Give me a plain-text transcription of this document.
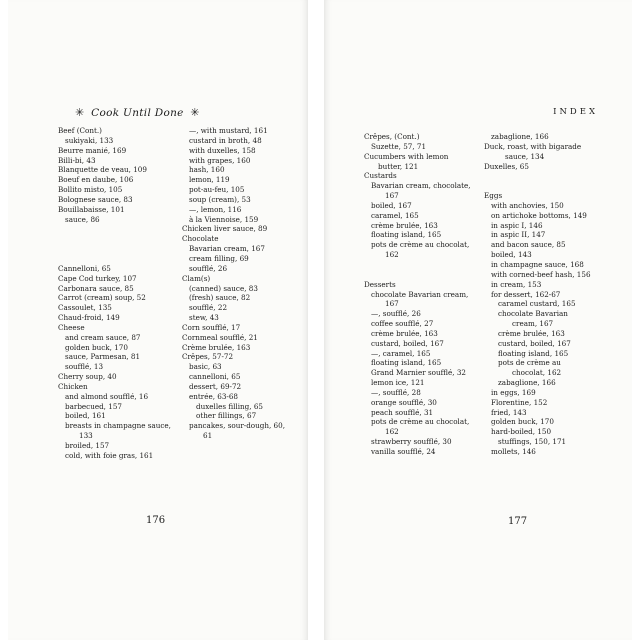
✳ Cook Until Done ✳
Beef (Cont.)
sukiyaki, 133
Beurre manié, 169
Billi-bi, 43
Blanquette de veau, 109
Boeuf en daube, 106
Bollito misto, 105
Bolognese sauce, 83
Bouillabaisse, 101
sauce, 86
Cannelloni, 65
Cape Cod turkey, 107
Carbonara sauce, 85
Carrot (cream) soup, 52
Cassoulet, 135
Chaud-froid, 149
Cheese
and cream sauce, 87
golden buck, 170
sauce, Parmesan, 81
soufflé, 13
Cherry soup, 40
Chicken
and almond soufflé, 16
barbecued, 157
boiled, 161
breasts in champagne sauce,
133
broiled, 157
cold, with foie gras, 161
—, with mustard, 161
custard in broth, 48
with duxelles, 158
with grapes, 160
hash, 160
lemon, 119
pot-au-feu, 105
soup (cream), 53
—, lemon, 116
à la Viennoise, 159
Chicken liver sauce, 89
Chocolate
Bavarian cream, 167
cream filling, 69
soufflé, 26
Clam(s)
(canned) sauce, 83
(fresh) sauce, 82
soufflé, 22
stew, 43
Corn soufflé, 17
Cornmeal soufflé, 21
Crème brulée, 163
Crêpes, 57-72
basic, 63
cannelloni, 65
dessert, 69-72
entrée, 63-68
duxelles filling, 65
other fillings, 67
pancakes, sour-dough, 60,
61
176
INDEX
Crêpes, (Cont.)
Suzette, 57, 71
Cucumbers with lemon
butter, 121
Custards
Bavarian cream, chocolate,
167
boiled, 167
caramel, 165
crème brulée, 163
floating island, 165
pots de crème au chocolat,
162
Desserts
chocolate Bavarian cream,
167
—, soufflé, 26
coffee soufflé, 27
crème brulée, 163
custard, boiled, 167
—, caramel, 165
floating island, 165
Grand Marnier soufflé, 32
lemon ice, 121
—, soufflé, 28
orange soufflé, 30
peach soufflé, 31
pots de crème au chocolat,
162
strawberry soufflé, 30
vanilla soufflé, 24
zabaglione, 166
Duck, roast, with bigarade
sauce, 134
Duxelles, 65
Eggs
with anchovies, 150
on artichoke bottoms, 149
in aspic I, 146
in aspic II, 147
and bacon sauce, 85
boiled, 143
in champagne sauce, 168
with corned-beef hash, 156
in cream, 153
for dessert, 162-67
caramel custard, 165
chocolate Bavarian
cream, 167
crème brulée, 163
custard, boiled, 167
floating island, 165
pots de crème au
chocolat, 162
zabaglione, 166
in eggs, 169
Florentine, 152
fried, 143
golden buck, 170
hard-boiled, 150
stuffings, 150, 171
mollets, 146
177
